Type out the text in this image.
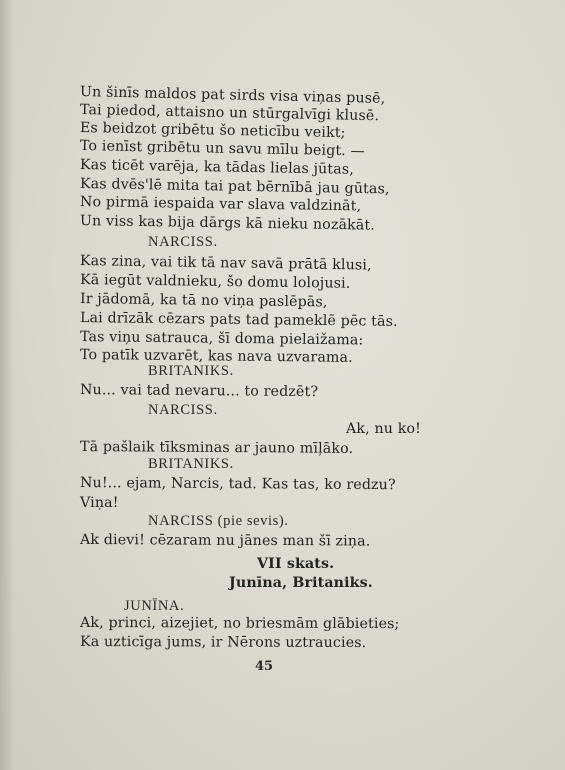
Un šinīs maldos pat sirds visa viņas pusē,
Tai piedod, attaisno un stūrgalvīgi klusē.
Es beidzot gribētu šo neticību veikt;
To ienīst gribētu un savu mīlu beigt. —
Kas ticēt varēja, ka tādas lielas jūtas,
Kas dvēs'lē mita tai pat bērnībā jau gūtas,
No pirmā iespaida var slava valdzināt,
Un viss kas bija dārgs kā nieku nozākāt.
NARCISS.
Kas zina, vai tik tā nav savā prātā klusi,
Kā iegūt valdnieku, šo domu lolojusi.
Ir jādomā, ka tā no viņa paslēpās,
Lai drīzāk cēzars pats tad pameklē pēc tās.
Tas viņu satrauca, šī doma pielaižama:
To patīk uzvarēt, kas nava uzvarama.
BRITANIKS.
Nu... vai tad nevaru... to redzēt?
NARCISS.
Ak, nu ko!
Tā pašlaik tīksminas ar jauno mīļāko.
BRITANIKS.
Nu!... ejam, Narcis, tad. Kas tas, ko redzu?
Viņa!
NARCISS (pie sevis).
Ak dievi! cēzaram nu jānes man šī ziņa.
VII skats.
Junīna, Britaniks.
JUNĪNA.
Ak, princi, aizejiet, no briesmām glābieties;
Ka uzticīga jums, ir Nērons uztraucies.
45
